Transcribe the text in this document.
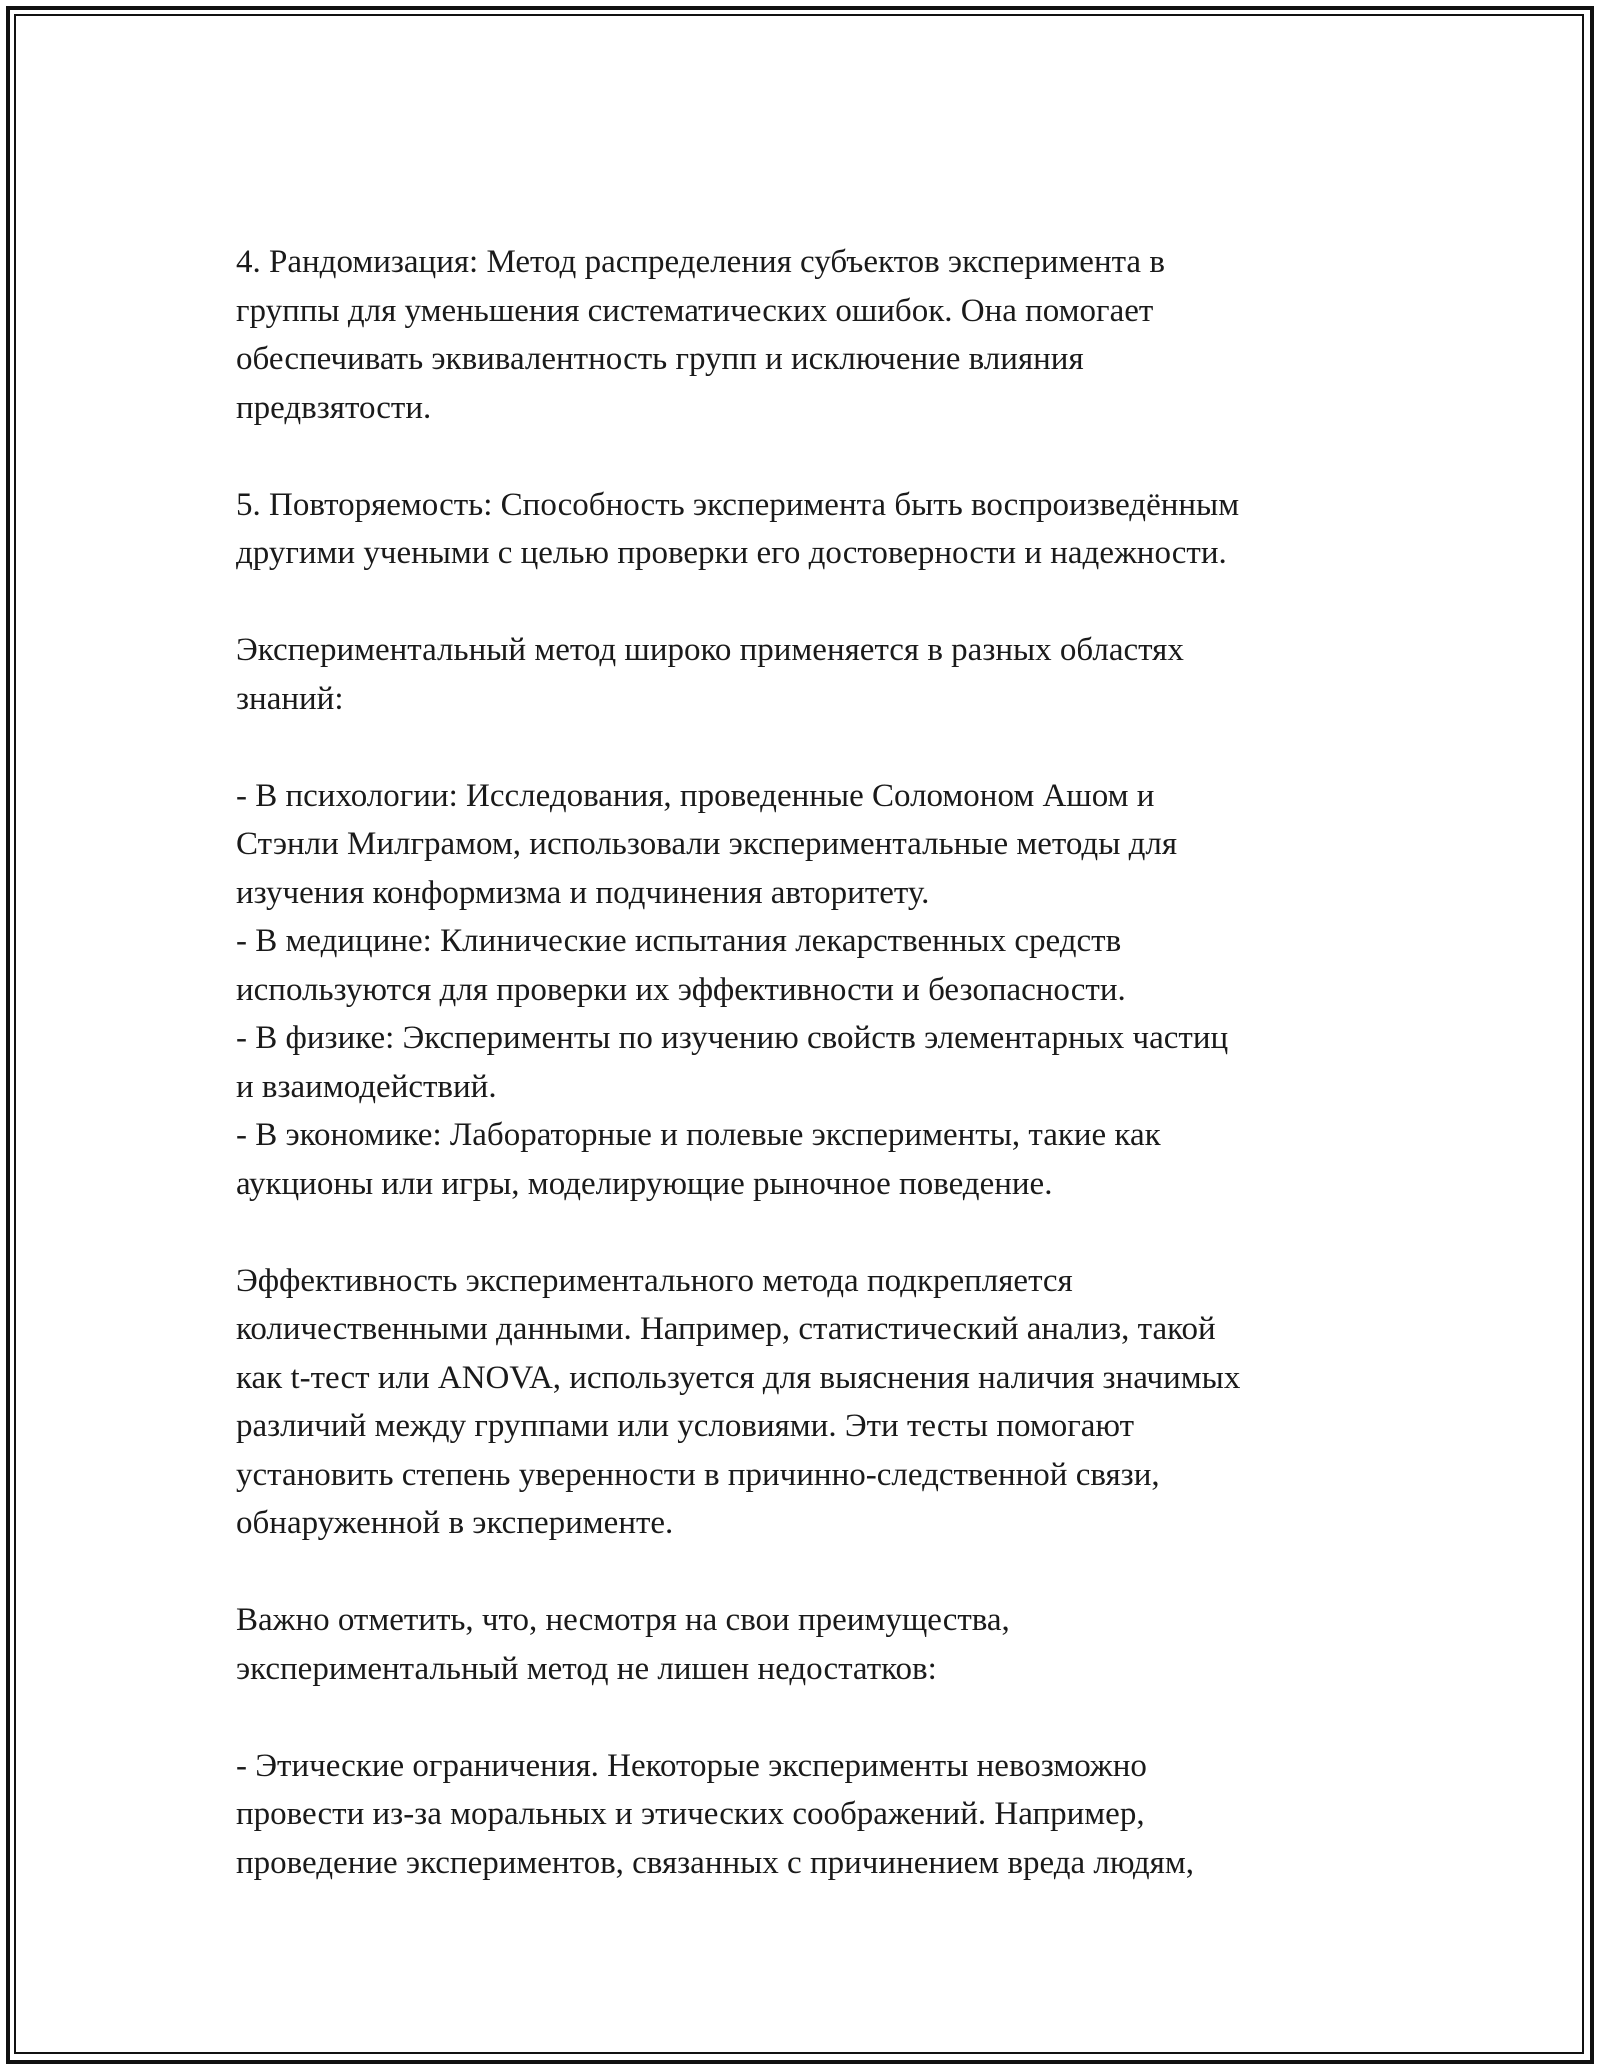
4. Рандомизация: Метод распределения субъектов эксперимента в
группы для уменьшения систематических ошибок. Она помогает
обеспечивать эквивалентность групп и исключение влияния
предвзятости.
5. Повторяемость: Способность эксперимента быть воспроизведённым
другими учеными с целью проверки его достоверности и надежности.
Экспериментальный метод широко применяется в разных областях
знаний:
- В психологии: Исследования, проведенные Соломоном Ашом и
Стэнли Милграмом, использовали экспериментальные методы для
изучения конформизма и подчинения авторитету.
- В медицине: Клинические испытания лекарственных средств
используются для проверки их эффективности и безопасности.
- В физике: Эксперименты по изучению свойств элементарных частиц
и взаимодействий.
- В экономике: Лабораторные и полевые эксперименты, такие как
аукционы или игры, моделирующие рыночное поведение.
Эффективность экспериментального метода подкрепляется
количественными данными. Например, статистический анализ, такой
как t-тест или ANOVA, используется для выяснения наличия значимых
различий между группами или условиями. Эти тесты помогают
установить степень уверенности в причинно-следственной связи,
обнаруженной в эксперименте.
Важно отметить, что, несмотря на свои преимущества,
экспериментальный метод не лишен недостатков:
- Этические ограничения. Некоторые эксперименты невозможно
провести из-за моральных и этических соображений. Например,
проведение экспериментов, связанных с причинением вреда людям,
